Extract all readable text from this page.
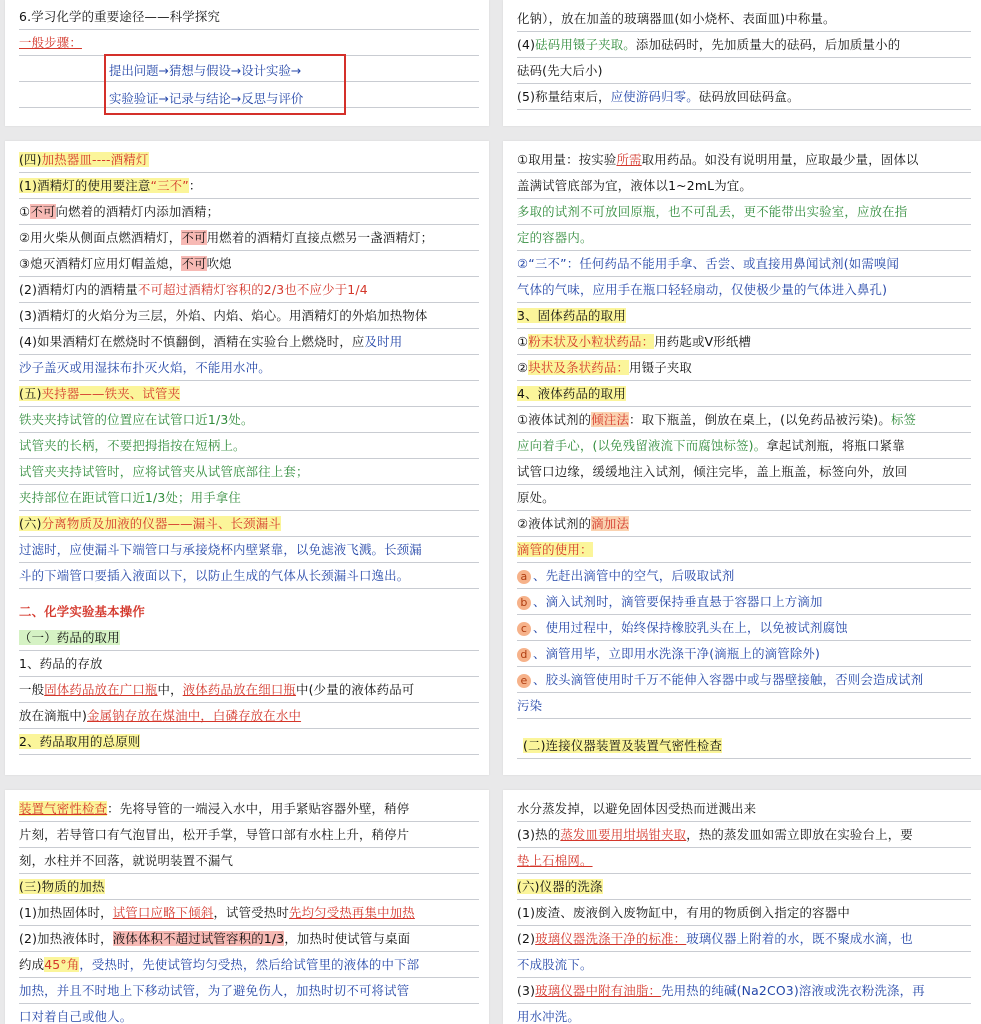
6.学习化学的重要途径——科学探究
一般步骤：
提出问题→猜想与假设→设计实验→
实验验证→记录与结论→反思与评价
化钠），放在加盖的玻璃器皿(如小烧杯、表面皿)中称量。
(4)砝码用镊子夹取。添加砝码时，先加质量大的砝码，后加质量小的
砝码(先大后小)
(5)称量结束后，应使游码归零。砝码放回砝码盒。
(四)加热器皿----酒精灯
(1)酒精灯的使用要注意“三不”：
①不可向燃着的酒精灯内添加酒精；
②用火柴从侧面点燃酒精灯，不可用燃着的酒精灯直接点燃另一盏酒精灯；
③熄灭酒精灯应用灯帽盖熄，不可吹熄
(2)酒精灯内的酒精量不可超过酒精灯容积的2/3也不应少于1/4
(3)酒精灯的火焰分为三层，外焰、内焰、焰心。用酒精灯的外焰加热物体
(4)如果酒精灯在燃烧时不慎翻倒，酒精在实验台上燃烧时，应及时用
沙子盖灭或用湿抹布扑灭火焰，不能用水冲。
(五)夹持器——铁夹、试管夹
铁夹夹持试管的位置应在试管口近1/3处。
试管夹的长柄，不要把拇指按在短柄上。
试管夹夹持试管时，应将试管夹从试管底部往上套；
夹持部位在距试管口近1/3处；用手拿住
(六)分离物质及加液的仪器——漏斗、长颈漏斗
过滤时，应使漏斗下端管口与承接烧杯内壁紧靠，以免滤液飞溅。长颈漏
斗的下端管口要插入液面以下，以防止生成的气体从长颈漏斗口逸出。
二、化学实验基本操作
（一）药品的取用
1、药品的存放
一般固体药品放在广口瓶中，液体药品放在细口瓶中(少量的液体药品可
放在滴瓶中)金属钠存放在煤油中，白磷存放在水中
2、药品取用的总原则
①取用量：按实验所需取用药品。如没有说明用量，应取最少量，固体以
盖满试管底部为宜，液体以1~2mL为宜。
多取的试剂不可放回原瓶，也不可乱丢，更不能带出实验室，应放在指
定的容器内。
②“三不”：任何药品不能用手拿、舌尝、或直接用鼻闻试剂(如需嗅闻
气体的气味，应用手在瓶口轻轻扇动，仅使极少量的气体进入鼻孔)
3、固体药品的取用
①粉末状及小粒状药品：用药匙或V形纸槽
②块状及条状药品：用镊子夹取
4、液体药品的取用
①液体试剂的倾注法：取下瓶盖，倒放在桌上，(以免药品被污染)。标签
应向着手心，(以免残留液流下而腐蚀标签)。拿起试剂瓶，将瓶口紧靠
试管口边缘，缓缓地注入试剂，倾注完毕，盖上瓶盖，标签向外，放回
原处。
②液体试剂的滴加法
滴管的使用：
a 、先赶出滴管中的空气，后吸取试剂
b 、滴入试剂时，滴管要保持垂直悬于容器口上方滴加
c 、使用过程中，始终保持橡胶乳头在上，以免被试剂腐蚀
d 、滴管用毕，立即用水洗涤干净(滴瓶上的滴管除外)
e 、胶头滴管使用时千万不能伸入容器中或与器壁接触，否则会造成试剂
污染
(二)连接仪器装置及装置气密性检查
装置气密性检查：先将导管的一端浸入水中，用手紧贴容器外壁，稍停
片刻，若导管口有气泡冒出，松开手掌，导管口部有水柱上升，稍停片
刻，水柱并不回落，就说明装置不漏气
(三)物质的加热
(1)加热固体时，试管口应略下倾斜，试管受热时先均匀受热再集中加热
(2)加热液体时，液体体积不超过试管容积的1/3，加热时使试管与桌面
约成45°角，受热时，先使试管均匀受热，然后给试管里的液体的中下部
加热，并且不时地上下移动试管，为了避免伤人，加热时切不可将试管
口对着自己或他人。
水分蒸发掉，以避免固体因受热而迸溅出来
(3)热的蒸发皿要用坩埚钳夹取，热的蒸发皿如需立即放在实验台上，要
垫上石棉网。
(六)仪器的洗涤
(1)废渣、废液倒入废物缸中，有用的物质倒入指定的容器中
(2)玻璃仪器洗涤干净的标准：玻璃仪器上附着的水，既不聚成水滴，也
不成股流下。
(3)玻璃仪器中附有油脂：先用热的纯碱(Na2CO3)溶液或洗衣粉洗涤，再
用水冲洗。
